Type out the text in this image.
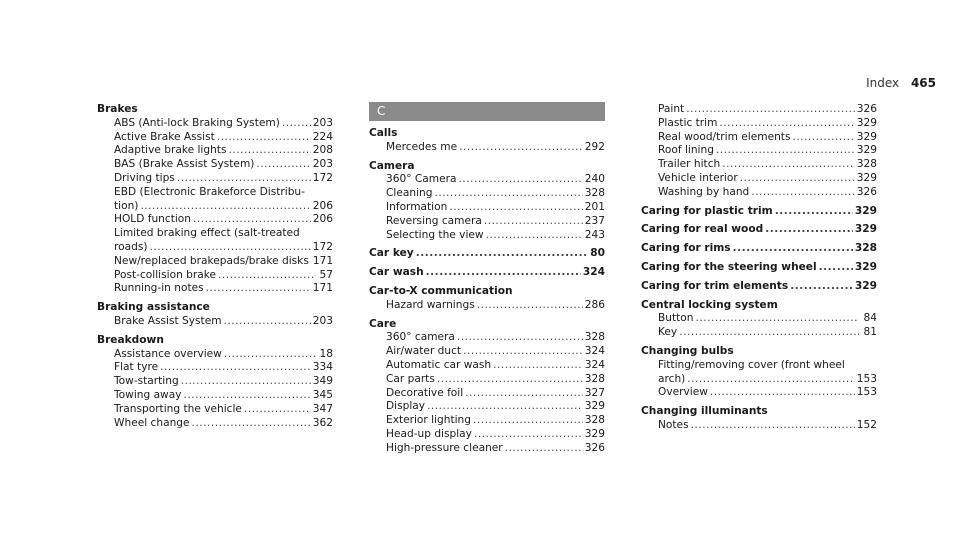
Index 465
Brakes
ABS (Anti-lock Braking System) .....	203
Active Brake Assist .....	224
Adaptive brake lights .....	208
BAS (Brake Assist System) .....	203
Driving tips .....	172
EBD (Electronic Brakeforce Distribu-
tion) .....	206
HOLD function .....	206
Limited braking effect (salt-treated
roads) .....	172
New/replaced brakepads/brake disks 171
Post-collision brake .....	57
Running-in notes .....	171
Braking assistance
Brake Assist System .....	203
Breakdown
Assistance overview .....	18
Flat tyre .....	334
Tow-starting .....	349
Towing away .....	345
Transporting the vehicle .....	347
Wheel change .....	362
C
Calls
Mercedes me .....	292
Camera
360° Camera .....	240
Cleaning .....	328
Information .....	201
Reversing camera .....	237
Selecting the view .....	243
Car key .....	80
Car wash .....	324
Car-to-X communication
Hazard warnings .....	286
Care
360° camera .....	328
Air/water duct .....	324
Automatic car wash .....	324
Car parts .....	328
Decorative foil .....	327
Display .....	329
Exterior lighting .....	328
Head-up display .....	329
High-pressure cleaner .....	326
Paint .....	326
Plastic trim .....	329
Real wood/trim elements .....	329
Roof lining .....	329
Trailer hitch .....	328
Vehicle interior .....	329
Washing by hand .....	326
Caring for plastic trim .....	329
Caring for real wood .....	329
Caring for rims .....	328
Caring for the steering wheel .....	329
Caring for trim elements .....	329
Central locking system
Button .....	84
Key .....	81
Changing bulbs
Fitting/removing cover (front wheel
arch) .....	153
Overview .....	153
Changing illuminants
Notes .....	152
